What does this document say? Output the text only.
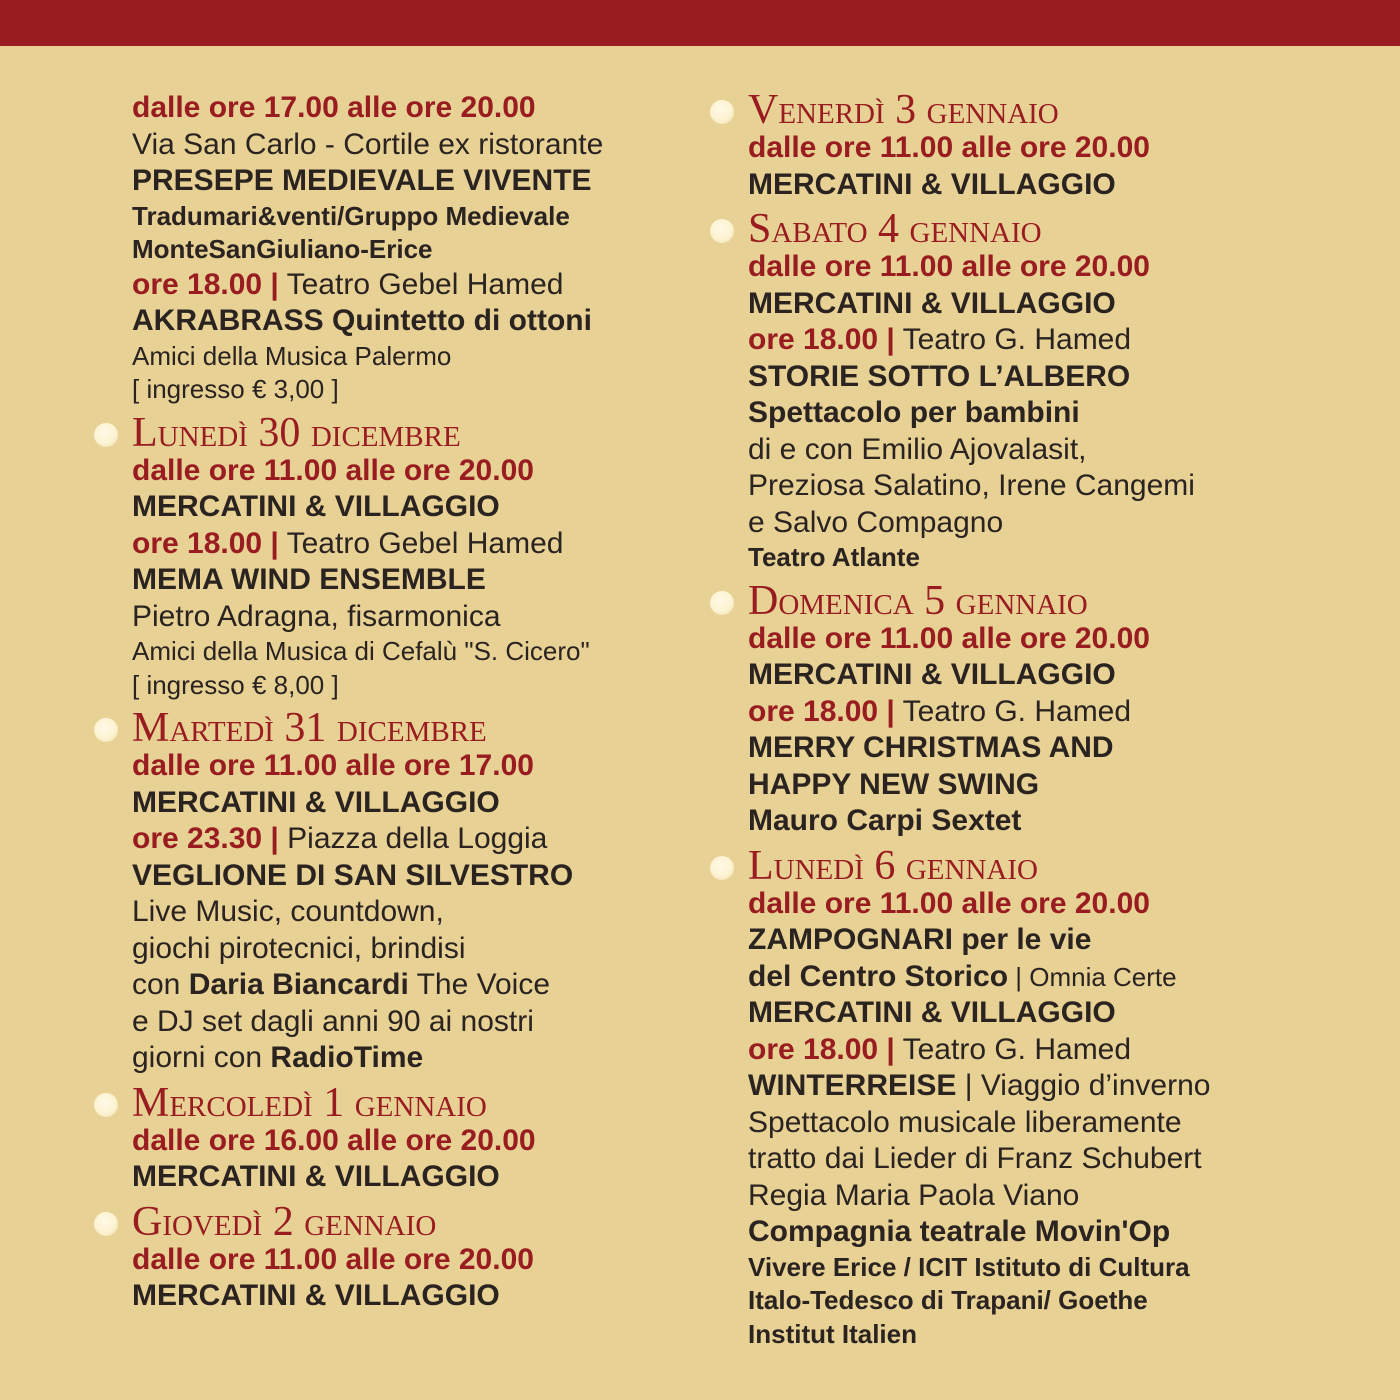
dalle ore 17.00 alle ore 20.00
Via San Carlo - Cortile ex ristorante
PRESEPE MEDIEVALE VIVENTE
Tradumari&venti/Gruppo Medievale
MonteSanGiuliano-Erice
ore 18.00 | Teatro Gebel Hamed
AKRABRASS Quintetto di ottoni
Amici della Musica Palermo
[ ingresso € 3,00 ]
Lunedì 30 dicembre
dalle ore 11.00 alle ore 20.00
MERCATINI & VILLAGGIO
ore 18.00 | Teatro Gebel Hamed
MEMA WIND ENSEMBLE
Pietro Adragna, fisarmonica
Amici della Musica di Cefalù "S. Cicero"
[ ingresso € 8,00 ]
Martedì 31 dicembre
dalle ore 11.00 alle ore 17.00
MERCATINI & VILLAGGIO
ore 23.30 | Piazza della Loggia
VEGLIONE DI SAN SILVESTRO
Live Music, countdown,
giochi pirotecnici, brindisi
con Daria Biancardi The Voice
e DJ set dagli anni 90 ai nostri
giorni con RadioTime
Mercoledì 1 gennaio
dalle ore 16.00 alle ore 20.00
MERCATINI & VILLAGGIO
Giovedì 2 gennaio
dalle ore 11.00 alle ore 20.00
MERCATINI & VILLAGGIO
Venerdì 3 gennaio
dalle ore 11.00 alle ore 20.00
MERCATINI & VILLAGGIO
Sabato 4 gennaio
dalle ore 11.00 alle ore 20.00
MERCATINI & VILLAGGIO
ore 18.00 | Teatro G. Hamed
STORIE SOTTO L’ALBERO
Spettacolo per bambini
di e con Emilio Ajovalasit,
Preziosa Salatino, Irene Cangemi
e Salvo Compagno
Teatro Atlante
Domenica 5 gennaio
dalle ore 11.00 alle ore 20.00
MERCATINI & VILLAGGIO
ore 18.00 | Teatro G. Hamed
MERRY CHRISTMAS AND
HAPPY NEW SWING
Mauro Carpi Sextet
Lunedì 6 gennaio
dalle ore 11.00 alle ore 20.00
ZAMPOGNARI per le vie
del Centro Storico | Omnia Certe
MERCATINI & VILLAGGIO
ore 18.00 | Teatro G. Hamed
WINTERREISE | Viaggio d’inverno
Spettacolo musicale liberamente
tratto dai Lieder di Franz Schubert
Regia Maria Paola Viano
Compagnia teatrale Movin'Op
Vivere Erice / ICIT Istituto di Cultura
Italo-Tedesco di Trapani/ Goethe
Institut Italien
